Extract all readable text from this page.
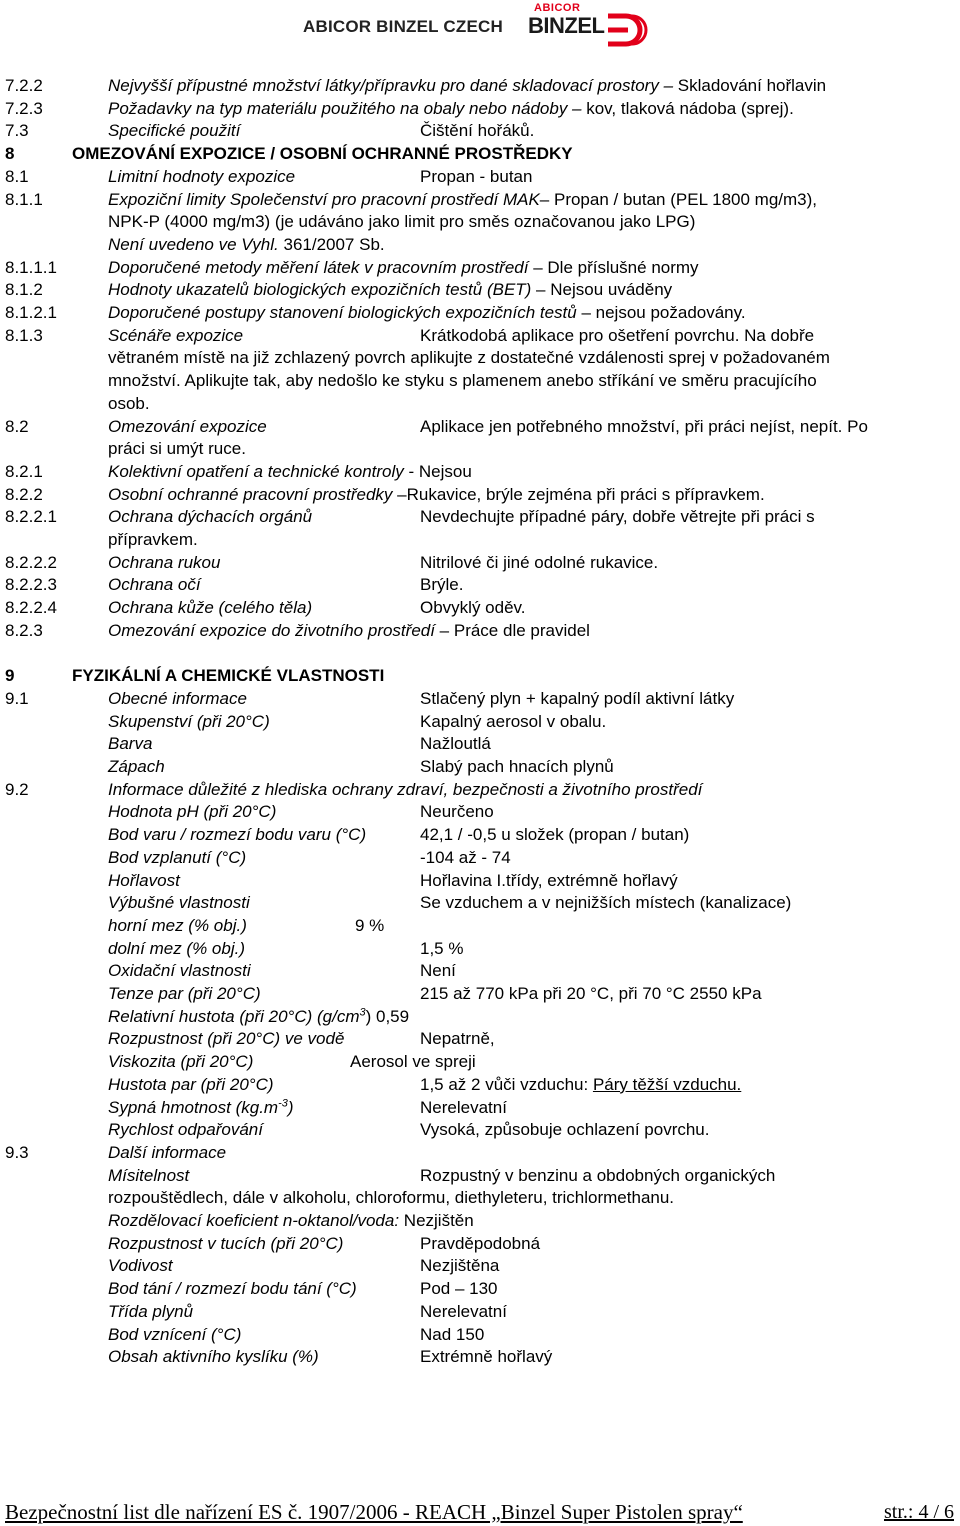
ABICOR BINZEL CZECH
ABICOR
BINZEL
7.2.2	Nejvyšší přípustné množství látky/přípravku pro dané skladovací prostory – Skladování hořlavin
7.2.3	Požadavky na typ materiálu použitého na obaly nebo nádoby – kov, tlaková nádoba (sprej).
7.3	Specifické použití	Čištění hořáků.
8	OMEZOVÁNÍ EXPOZICE / OSOBNÍ OCHRANNÉ PROSTŘEDKY
8.1	Limitní hodnoty expozice	Propan - butan
8.1.1	Expoziční limity Společenství pro pracovní prostředí MAK– Propan / butan (PEL 1800 mg/m3),
NPK-P (4000 mg/m3) (je udáváno jako limit pro směs označovanou jako LPG)
Není uvedeno ve Vyhl. 361/2007 Sb.
8.1.1.1	Doporučené metody měření látek v pracovním prostředí – Dle příslušné normy
8.1.2	Hodnoty ukazatelů biologických expozičních testů (BET) – Nejsou uváděny
8.1.2.1	Doporučené postupy stanovení biologických expozičních testů – nejsou požadovány.
8.1.3	Scénáře expozice	Krátkodobá aplikace pro ošetření povrchu. Na dobře
větraném místě na již zchlazený povrch aplikujte z dostatečné vzdálenosti sprej v požadovaném
množství. Aplikujte tak, aby nedošlo ke styku s plamenem anebo stříkání ve směru pracujícího
osob.
8.2	Omezování expozice	Aplikace jen potřebného množství, při práci nejíst, nepít. Po
práci si umýt ruce.
8.2.1	Kolektivní opatření a technické kontroly - Nejsou
8.2.2	Osobní ochranné pracovní prostředky –Rukavice, brýle zejména při práci s přípravkem.
8.2.2.1	Ochrana dýchacích orgánů	Nevdechujte případné páry, dobře větrejte při práci s
přípravkem.
8.2.2.2	Ochrana rukou	Nitrilové či jiné odolné rukavice.
8.2.2.3	Ochrana očí	Brýle.
8.2.2.4	Ochrana kůže (celého těla)	Obvyklý oděv.
8.2.3	Omezování expozice do životního prostředí – Práce dle pravidel
9	FYZIKÁLNÍ A CHEMICKÉ VLASTNOSTI
9.1	Obecné informace	Stlačený plyn + kapalný podíl aktivní látky
Skupenství (při 20°C)	Kapalný aerosol v obalu.
Barva	Nažloutlá
Zápach	Slabý pach hnacích plynů
9.2	Informace důležité z hlediska ochrany zdraví, bezpečnosti a životního prostředí
Hodnota pH (při 20°C)	Neurčeno
Bod varu / rozmezí bodu varu (°C)	42,1 / -0,5 u složek (propan / butan)
Bod vzplanutí (°C)	-104 až - 74
Hořlavost	Hořlavina I.třídy, extrémně hořlavý
Výbušné vlastnosti	Se vzduchem a v nejnižších místech (kanalizace)
horní mez (% obj.)	9 %
dolní mez (% obj.)	1,5 %
Oxidační vlastnosti	Není
Tenze par (při 20°C)	215 až 770 kPa při 20 °C, při 70 °C 2550 kPa
Relativní hustota (při 20°C) $(g/cm^3)$ 0,59
Rozpustnost (při 20°C) ve vodě	Nepatrně,
Viskozita (při 20°C)	Aerosol ve spreji
Hustota par (při 20°C)	1,5 až 2 vůči vzduchu: Páry těžší vzduchu.
Sypná hmotnost $(kg.m^{-3})$	Nerelevatní
Rychlost odpařování	Vysoká, způsobuje ochlazení povrchu.
9.3	Další informace
Mísitelnost	Rozpustný v benzinu a obdobných organických
rozpouštědlech, dále v alkoholu, chloroformu, diethyleteru, trichlormethanu.
Rozdělovací koeficient n-oktanol/voda: Nezjištěn
Rozpustnost v tucích (při 20°C)	Pravděpodobná
Vodivost	Nezjištěna
Bod tání / rozmezí bodu tání (°C)	Pod – 130
Třída plynů	Nerelevatní
Bod vznícení (°C)	Nad 150
Obsah aktivního kyslíku (%)	Extrémně hořlavý
Bezpečnostní list dle nařízení ES č. 1907/2006 - REACH „Binzel Super Pistolen spray“	str.: 4 / 6
